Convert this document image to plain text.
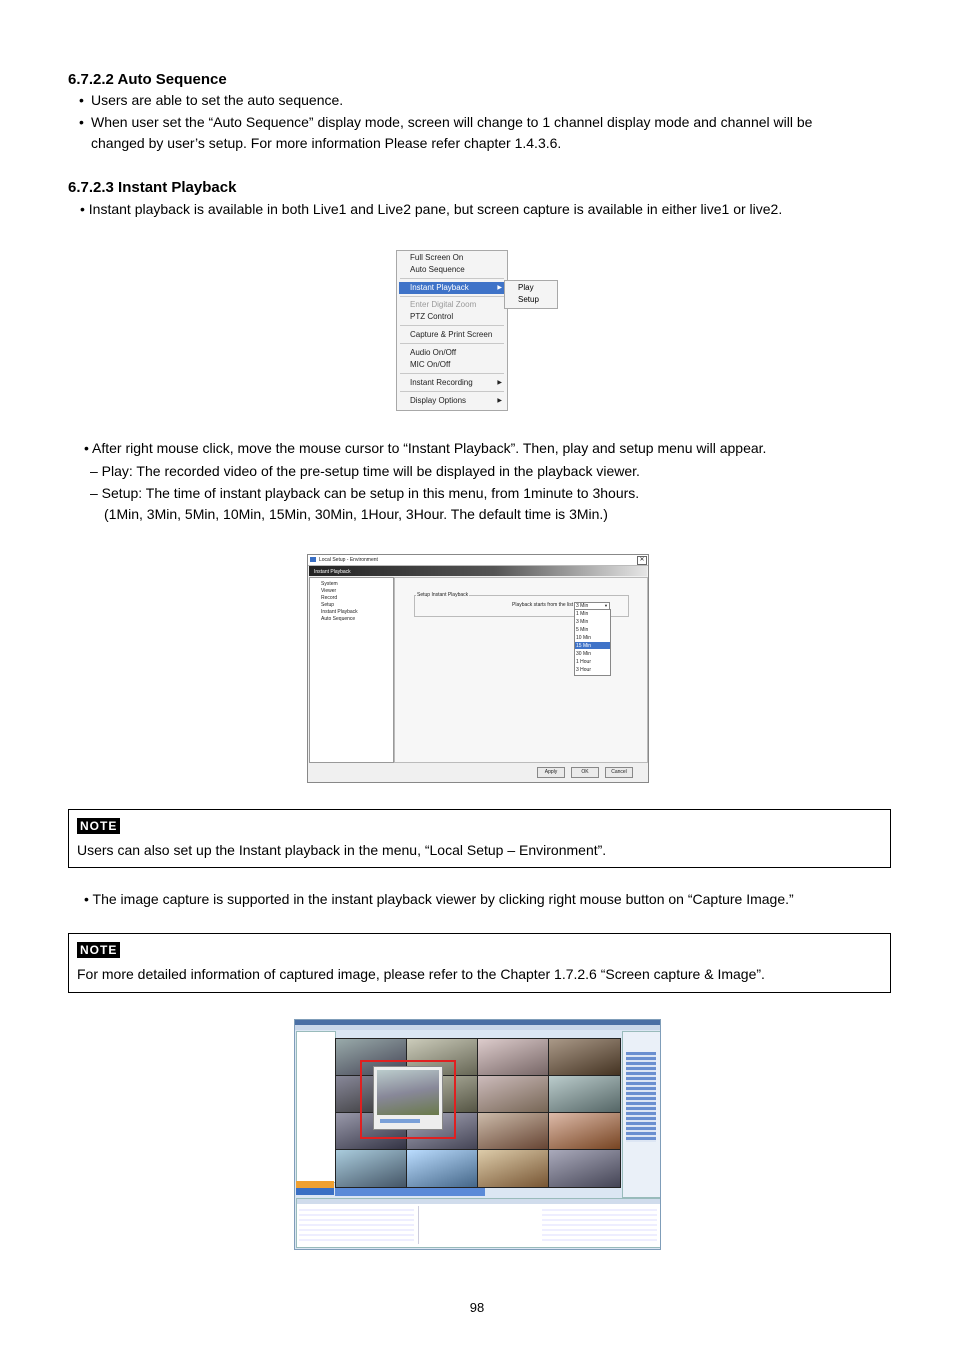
6.7.2.2 Auto Sequence
• Users are able to set the auto sequence.
• When user set the “Auto Sequence” display mode, screen will change to 1 channel display mode and channel will be
changed by user’s setup. For more information Please refer chapter 1.4.3.6.
6.7.2.3 Instant Playback
• Instant playback is available in both Live1 and Live2 pane, but screen capture is available in either live1 or live2.
Full Screen On
Auto Sequence
Instant Playback	▶
Enter Digital Zoom
PTZ Control
Capture & Print Screen
Audio On/Off
MIC On/Off
Instant Recording	▶
Display Options	▶
Play
Setup
• After right mouse click, move the mouse cursor to “Instant Playback”. Then, play and setup menu will appear.
– Play: The recorded video of the pre-setup time will be displayed in the playback viewer.
– Setup: The time of instant playback can be setup in this menu, from 1minute to 3hours.
(1Min, 3Min, 5Min, 10Min, 15Min, 30Min, 1Hour, 3Hour. The default time is 3Min.)
Local Setup - Environment	✕
Instant Playback
System
Viewer
Record
Setup
Instant Playback
Auto Sequence
Setup Instant Playback
Playback starts from the list 3 Min	▼
1 Min
3 Min
5 Min
10 Min
15 Min
30 Min
1 Hour
3 Hour
Apply	OK	Cancel
NOTE
Users can also set up the Instant playback in the menu, “Local Setup – Environment”.
• The image capture is supported in the instant playback viewer by clicking right mouse button on “Capture Image.”
NOTE
For more detailed information of captured image, please refer to the Chapter 1.7.2.6 “Screen capture & Image”.
98
